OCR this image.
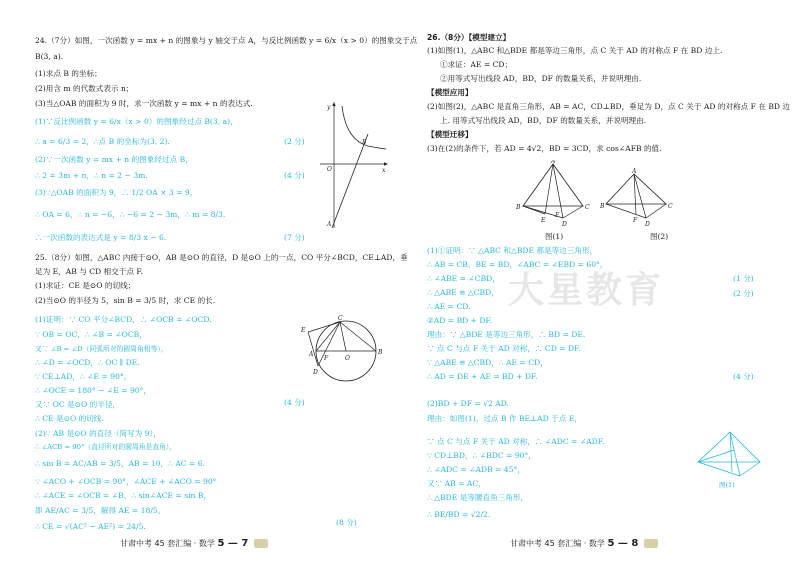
大星教育
24.（7分）如图，一次函数 y = mx + n 的图象与 y 轴交于点 A，与反比例函数 y = 6/x（x > 0）的图象交于点
B(3, a).
(1)求点 B 的坐标；
(2)用含 m 的代数式表示 n；
(3)当△OAB 的面积为 9 时，求一次函数 y = mx + n 的表达式.
(1)∵反比例函数 y = 6/x（x > 0）的图象经过点 B(3, a)，
∴ a = 6/3 = 2，∴点 B 的坐标为(3, 2).	(2 分)
(2)∵一次函数 y = mx + n 的图象经过点 B，
∴ 2 = 3m + n，∴ n = 2 − 3m.	(4 分)
(3)∵△OAB 的面积为 9，∴ 1/2 OA × 3 = 9，
∴ OA = 6，∴ n = −6，∴ −6 = 2 − 3m，∴ m = 8/3.
∴一次函数的表达式是 y = 8/3 x − 6.	(7 分)
25.（8分）如图，△ABC 内接于⊙O，AB 是⊙O 的直径，D 是⊙O 上的一点，CO 平分∠BCD，CE⊥AD，垂
足为 E，AB 与 CD 相交于点 F.
(1)求证：CE 是⊙O 的切线；
(2)当⊙O 的半径为 5，sin B = 3/5 时，求 CE 的长.
(1)证明：∵ CO 平分∠BCD，∴ ∠OCB = ∠OCD.
∵ OB = OC，∴ ∠B = ∠OCB，
又∵ ∠B = ∠D（同弧所对的圆周角相等），
∴ ∠D = ∠OCD，∴ OC ∥ DE.
∵ CE⊥AD，∴ ∠E = 90°，
∴ ∠OCE = 180° − ∠E = 90°，
又∵ OC 是⊙O 的半径，
∴ CE 是⊙O 的切线.
(4 分)
(2)∵ AB 是⊙O 的直径（简写为 9），
∴ ∠ACB = 90°（直径所对的圆周角是直角），
∴ sin B = AC/AB = 3/5，AB = 10，∴ AC = 6.
∵ ∠ACO + ∠OCB = 90°，∠ACE + ∠ACO = 90°
∴ ∠ACE = ∠OCB = ∠B，∴ sin∠ACE = sin B，
即 AE/AC = 3/5，解得 AE = 18/5，
∴ CE = √(AC² − AE²) = 24/5.	(8 分)
y
x
O
A
B
E
C
A
F	O
B
D
甘肃中考 45 套汇编 · 数学 5 — 7
26.（8分）【模型建立】
(1)如图(1)，△ABC 和△BDE 都是等边三角形，点 C 关于 AD 的对称点 F 在 BD 边上.
①求证：AE = CD；
②用等式写出线段 AD，BD，DF 的数量关系，并说明理由.
【模型应用】
(2)如图(2)，△ABC 是直角三角形，AB = AC，CD⊥BD，垂足为 D，点 C 关于 AD 的对称点 F 在 BD 边
上. 用等式写出线段 AD，BD，DF 的数量关系，并说明理由.
【模型迁移】
(3)在(2)的条件下，若 AD = 4√2，BD = 3CD，求 cos∠AFB 的值.
图(1)	图(2)
(1)①证明：∵ △ABC 和△BDE 都是等边三角形，
∴ AB = CB，BE = BD，∠ABC = ∠EBD = 60°，
∴ ∠ABE = ∠CBD，
∴ △ABE ≌ △CBD，
(1 分)
∴ AE = CD.
(2 分)
②AD = BD + DF.
理由：∵ △BDE 是等边三角形，∴ BD = DE.
∵ 点 C 与点 F 关于 AD 对称，∴ CD = DF.
∵ △ABE ≌ △CBD，∴ AE = CD，
∴ AD = DE + AE = BD + DF.	(4 分)
(2)BD + DF = √2 AD.
理由：如图(1)，过点 B 作 BE⊥AD 于点 E，
∵ 点 C 与点 F 关于 AD 对称，∴ ∠ADC = ∠ADF.
∵ CD⊥BD，∴ ∠BDC = 90°，
∴ ∠ADC = ∠ADB = 45°，
又∵ AB = AC，
∴ △BDE 是等腰直角三角形，
∴ BE/BD = √2/2.
图(1)
A
B	C
D
E
F
A
B	C
D
F
甘肃中考 45 套汇编 · 数学 5 — 8
